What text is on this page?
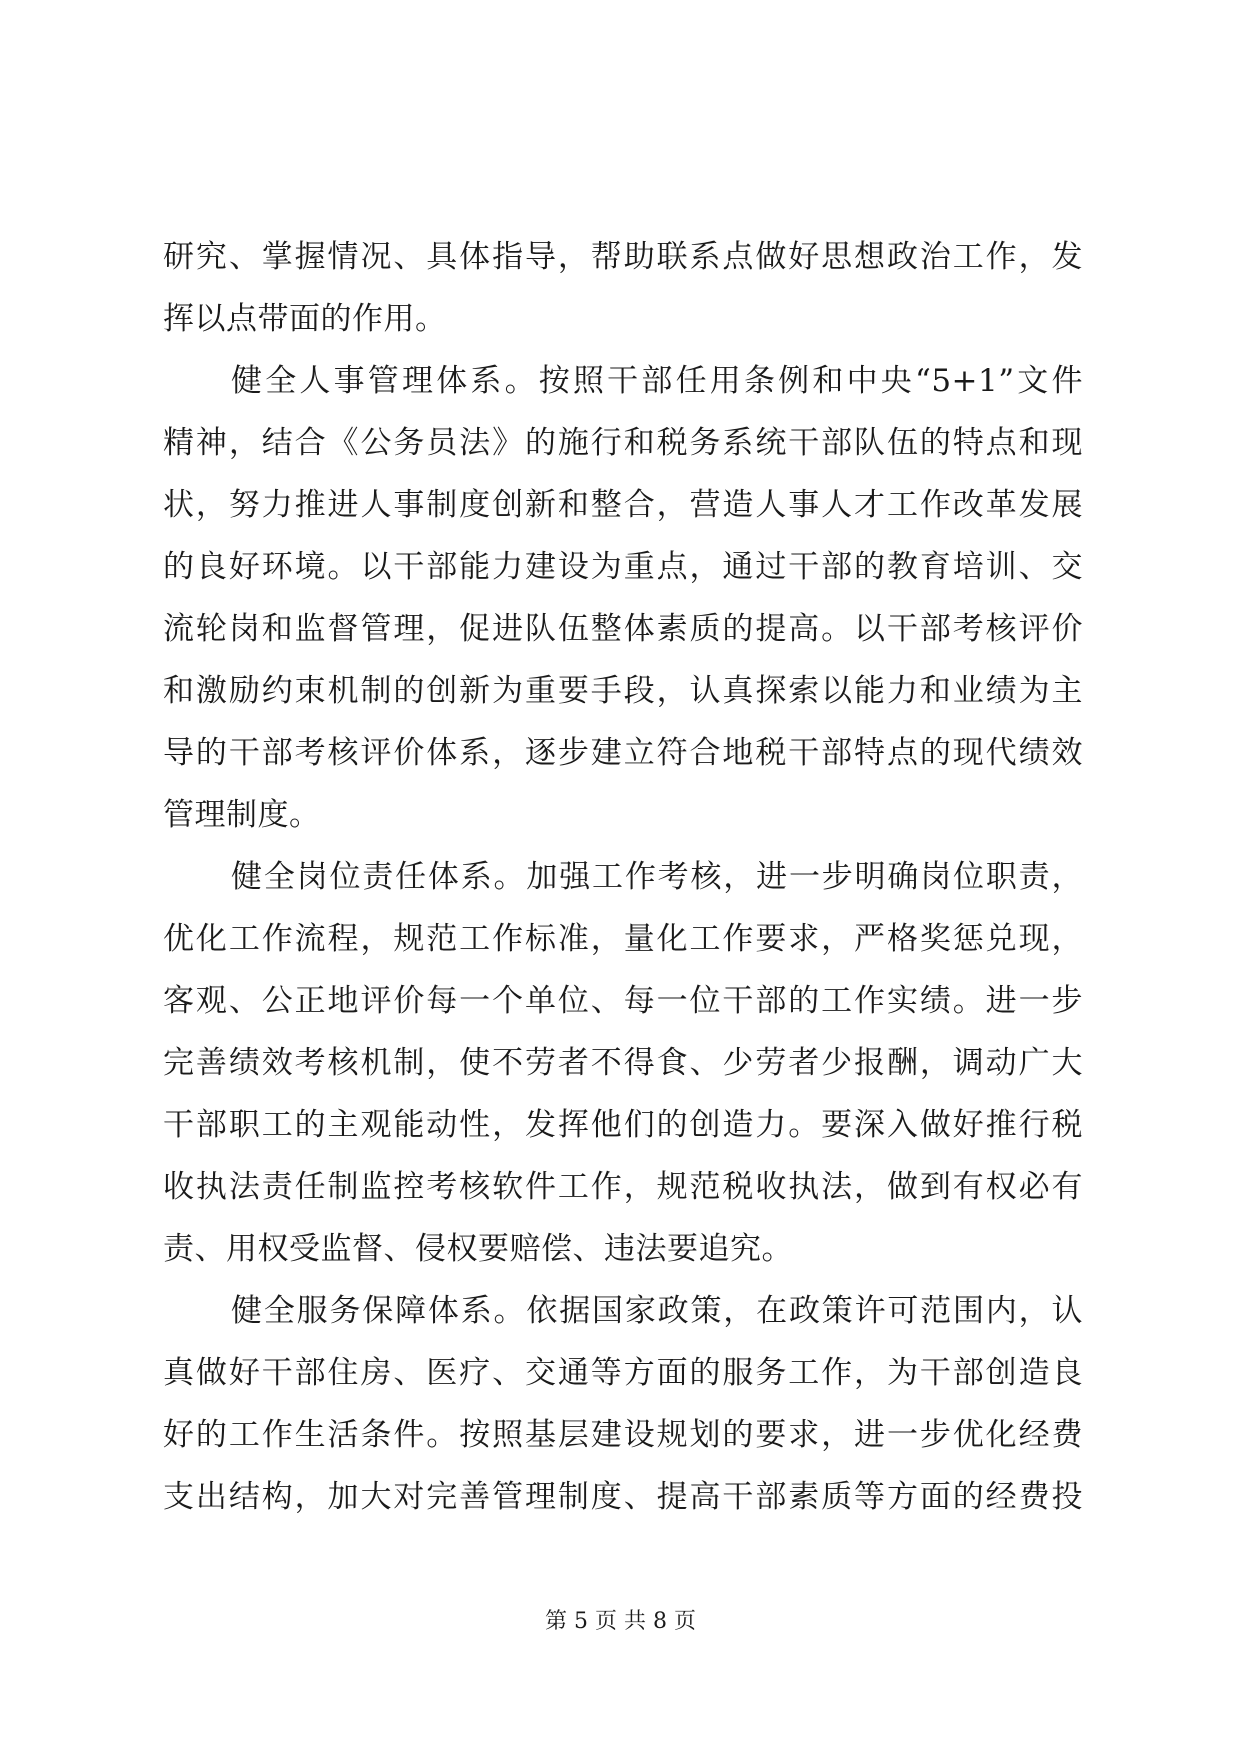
研究、掌握情况、具体指导，帮助联系点做好思想政治工作，发
挥以点带面的作用。
健全人事管理体系。按照干部任用条例和中央“5+1”文件
精神，结合《公务员法》的施行和税务系统干部队伍的特点和现
状，努力推进人事制度创新和整合，营造人事人才工作改革发展
的良好环境。以干部能力建设为重点，通过干部的教育培训、交
流轮岗和监督管理，促进队伍整体素质的提高。以干部考核评价
和激励约束机制的创新为重要手段，认真探索以能力和业绩为主
导的干部考核评价体系，逐步建立符合地税干部特点的现代绩效
管理制度。
健全岗位责任体系。加强工作考核，进一步明确岗位职责，
优化工作流程，规范工作标准，量化工作要求，严格奖惩兑现，
客观、公正地评价每一个单位、每一位干部的工作实绩。进一步
完善绩效考核机制，使不劳者不得食、少劳者少报酬，调动广大
干部职工的主观能动性，发挥他们的创造力。要深入做好推行税
收执法责任制监控考核软件工作，规范税收执法，做到有权必有
责、用权受监督、侵权要赔偿、违法要追究。
健全服务保障体系。依据国家政策，在政策许可范围内，认
真做好干部住房、医疗、交通等方面的服务工作，为干部创造良
好的工作生活条件。按照基层建设规划的要求，进一步优化经费
支出结构，加大对完善管理制度、提高干部素质等方面的经费投
第 5 页 共 8 页
